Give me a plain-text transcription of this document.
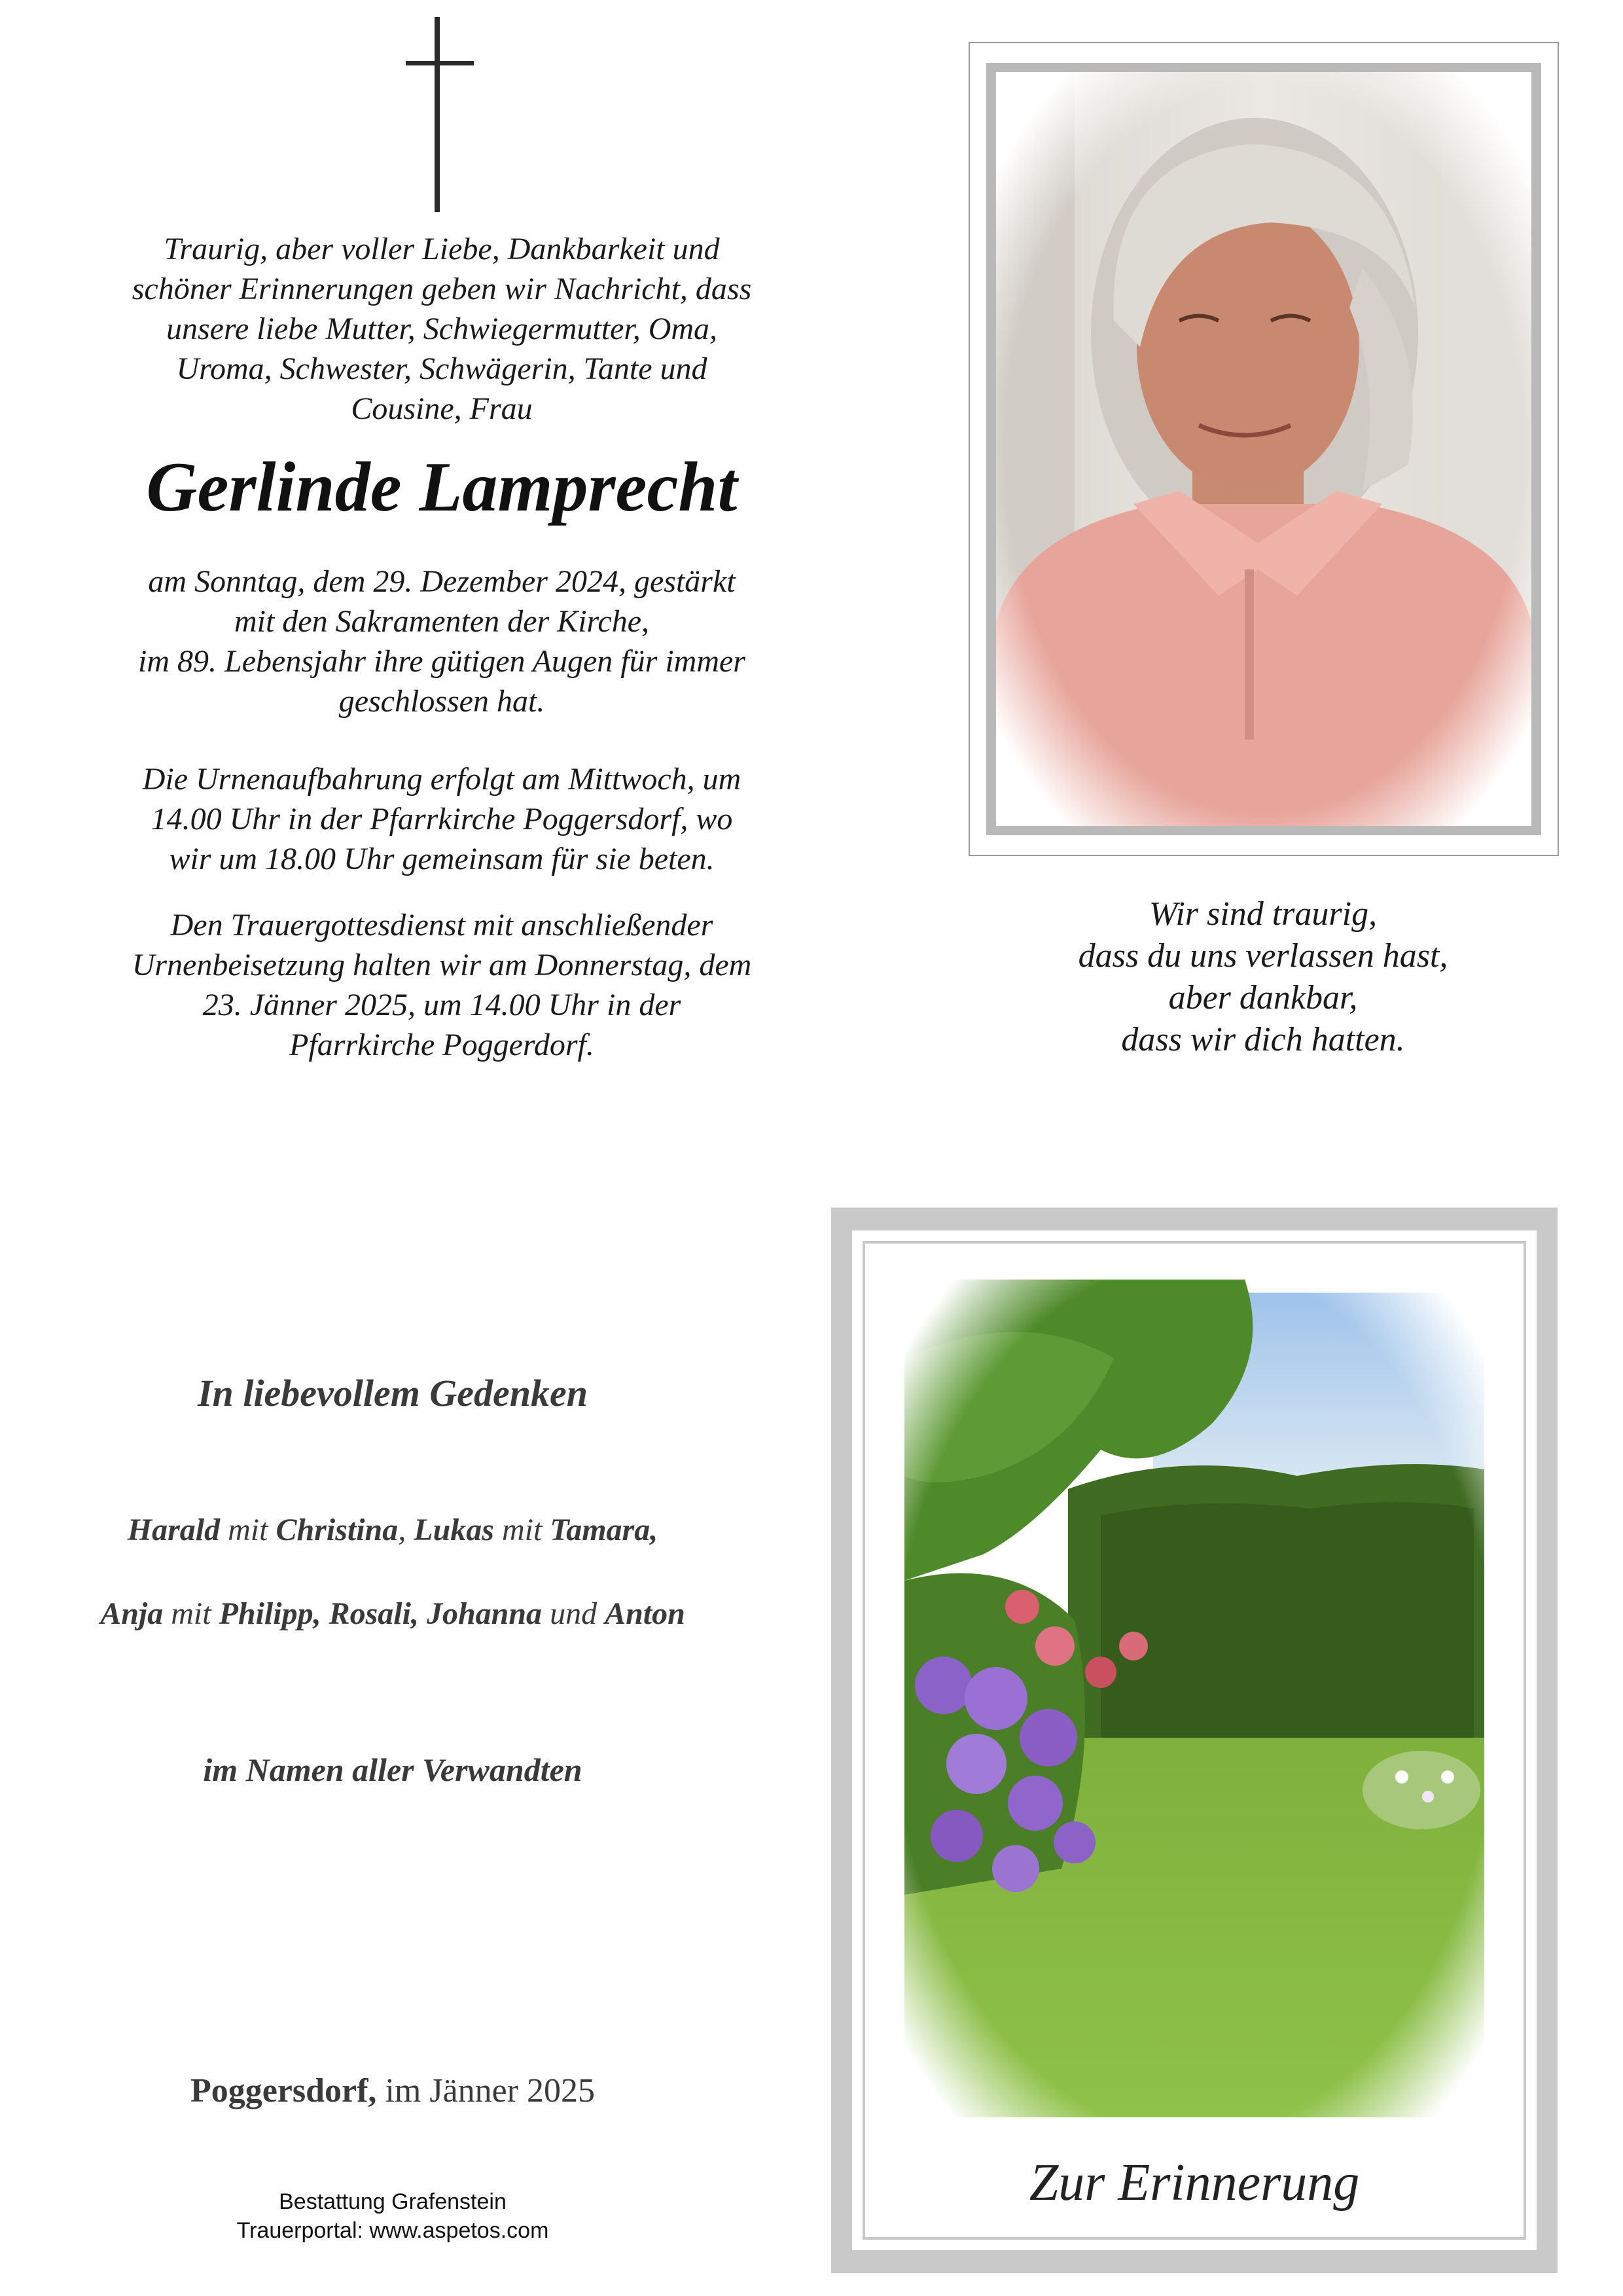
Traurig, aber voller Liebe, Dankbarkeit und
schöner Erinnerungen geben wir Nachricht, dass
unsere liebe Mutter, Schwiegermutter, Oma,
Uroma, Schwester, Schwägerin, Tante und
Cousine, Frau
Gerlinde Lamprecht
am Sonntag, dem 29. Dezember 2024, gestärkt
mit den Sakramenten der Kirche,
im 89. Lebensjahr ihre gütigen Augen für immer
geschlossen hat.
Die Urnenaufbahrung erfolgt am Mittwoch, um
14.00 Uhr in der Pfarrkirche Poggersdorf, wo
wir um 18.00 Uhr gemeinsam für sie beten.
Den Trauergottesdienst mit anschließender
Urnenbeisetzung halten wir am Donnerstag, dem
23. Jänner 2025, um 14.00 Uhr in der
Pfarrkirche Poggerdorf.
Wir sind traurig,
dass du uns verlassen hast,
aber dankbar,
dass wir dich hatten.
In liebevollem Gedenken
Harald mit Christina, Lukas mit Tamara,
Anja mit Philipp, Rosali, Johanna und Anton
im Namen aller Verwandten
Poggersdorf, im Jänner 2025
Bestattung Grafenstein
Trauerportal: www.aspetos.com
Zur Erinnerung
